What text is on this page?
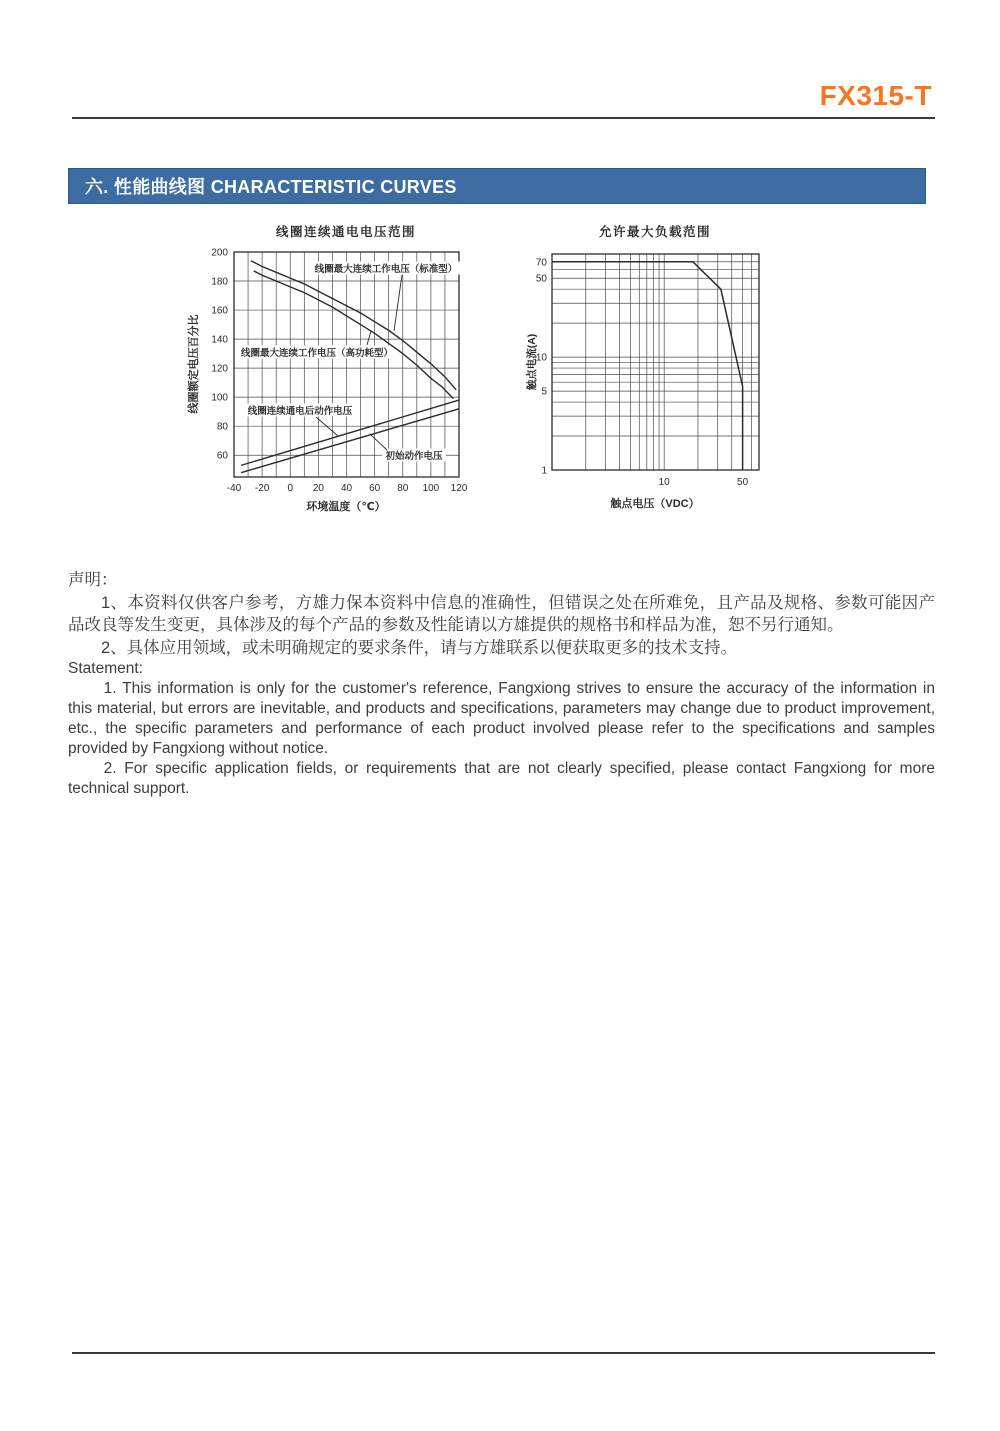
FX315-T
六. 性能曲线图 CHARACTERISTIC CURVES
线圈最大连续工作电压（标准型）
线圈最大连续工作电压（高功耗型）
线圈连续通电后动作电压
初始动作电压
-40 -20 0 20 40 60 80 100 120
60
80
100
120
140
160
180
200
线圈连续通电电压范围
环境温度（℃）
线圈额定电压百分比
70
50
10
5
1
10	50
允许最大负载范围
触点电压（VDC）
触点电流(A)

声明：

1、本资料仅供客户参考，方雄力保本资料中信息的准确性，但错误之处在所难免，且产品及规格、参数可能因产品改良等发生变更，具体涉及的每个产品的参数及性能请以方雄提供的规格书和样品为准，恕不另行通知。

2、具体应用领域，或未明确规定的要求条件，请与方雄联系以便获取更多的技术支持。

Statement:

1. This information is only for the customer's reference, Fangxiong strives to ensure the accuracy of the information in this material, but errors are inevitable, and products and specifications, parameters may change due to product improvement, etc., the specific parameters and performance of each product involved please refer to the specifications and samples provided by Fangxiong without notice.

2. For specific application fields, or requirements that are not clearly specified, please contact Fangxiong for more technical support.
